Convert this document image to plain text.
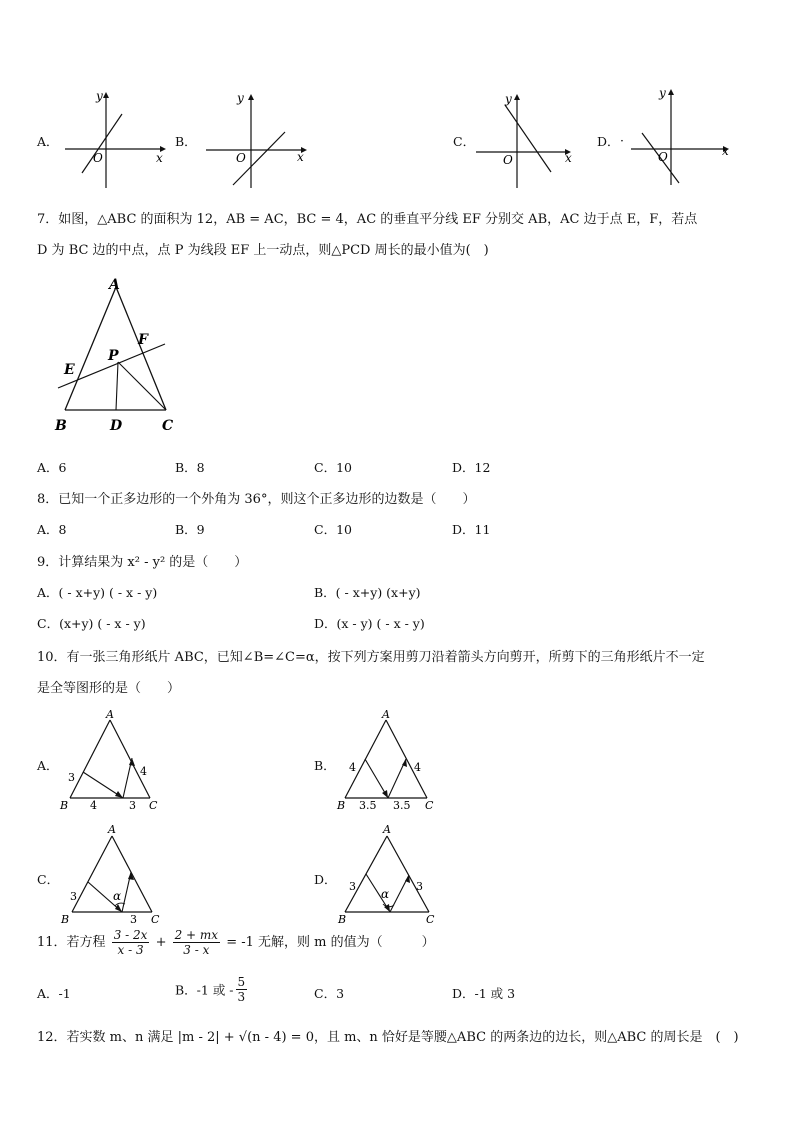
A．
y
x
O
B．
y
x
O
C．
y
x
O
D． ·
y
x
O
7．如图，△ABC 的面积为 12，AB = AC，BC = 4，AC 的垂直平分线 EF 分别交 AB，AC 边于点 E，F，若点
D 为 BC 边的中点，点 P 为线段 EF 上一动点，则△PCD 周长的最小值为(　)
A
B	C
D
E
F
P
A．6	B．8	C．10	D．12
8．已知一个正多边形的一个外角为 36°，则这个正多边形的边数是（　　）
A．8	B．9	C．10	D．11
9．计算结果为 x² - y² 的是（　　）
A．( - x+y) ( - x - y)	B．( - x+y) (x+y)
C．(x+y) ( - x - y)	D．(x - y) ( - x - y)
10．有一张三角形纸片 ABC，已知∠B=∠C=α，按下列方案用剪刀沿着箭头方向剪开，所剪下的三角形纸片不一定
是全等图形的是（　　）
A．
A
B	C
3	4
4	3
B．
A
B	C
4	4
3.5 3.5
C．
A
B	C
3
3
α
D．
A
B	C
3	3
α
11．若方程 $\frac{3 - 2x}{x - 3} + \frac{2 + mx}{3 - x} = -1$ 无解，则 m 的值为（　　　）
A．-1	B．-1 或 - $\frac{5}{3}$	C．3	D．-1 或 3
12．若实数 m、n 满足 |m - 2| + √(n - 4) = 0，且 m、n 恰好是等腰△ABC 的两条边的边长，则△ABC 的周长是　(　)
